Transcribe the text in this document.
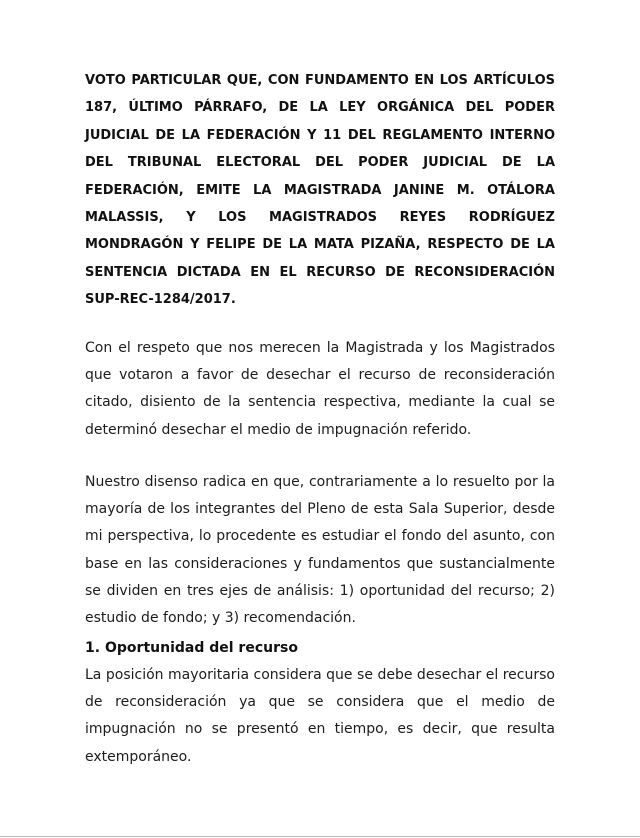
VOTO PARTICULAR QUE, CON FUNDAMENTO EN LOS ARTÍCULOS 187, ÚLTIMO PÁRRAFO, DE LA LEY ORGÁNICA DEL PODER JUDICIAL DE LA FEDERACIÓN Y 11 DEL REGLAMENTO INTERNO DEL TRIBUNAL ELECTORAL DEL PODER JUDICIAL DE LA FEDERACIÓN, EMITE LA MAGISTRADA JANINE M. OTÁLORA MALASSIS, Y LOS MAGISTRADOS REYES RODRÍGUEZ MONDRAGÓN Y FELIPE DE LA MATA PIZAÑA, RESPECTO DE LA SENTENCIA DICTADA EN EL RECURSO DE RECONSIDERACIÓN SUP-REC-1284/2017.

Con el respeto que nos merecen la Magistrada y los Magistrados que votaron a favor de desechar el recurso de reconsideración citado, disiento de la sentencia respectiva, mediante la cual se determinó desechar el medio de impugnación referido.

Nuestro disenso radica en que, contrariamente a lo resuelto por la mayoría de los integrantes del Pleno de esta Sala Superior, desde mi perspectiva, lo procedente es estudiar el fondo del asunto, con base en las consideraciones y fundamentos que sustancialmente se dividen en tres ejes de análisis: 1) oportunidad del recurso; 2) estudio de fondo; y 3) recomendación.

1. Oportunidad del recurso

La posición mayoritaria considera que se debe desechar el recurso de reconsideración ya que se considera que el medio de impugnación no se presentó en tiempo, es decir, que resulta extemporáneo.
